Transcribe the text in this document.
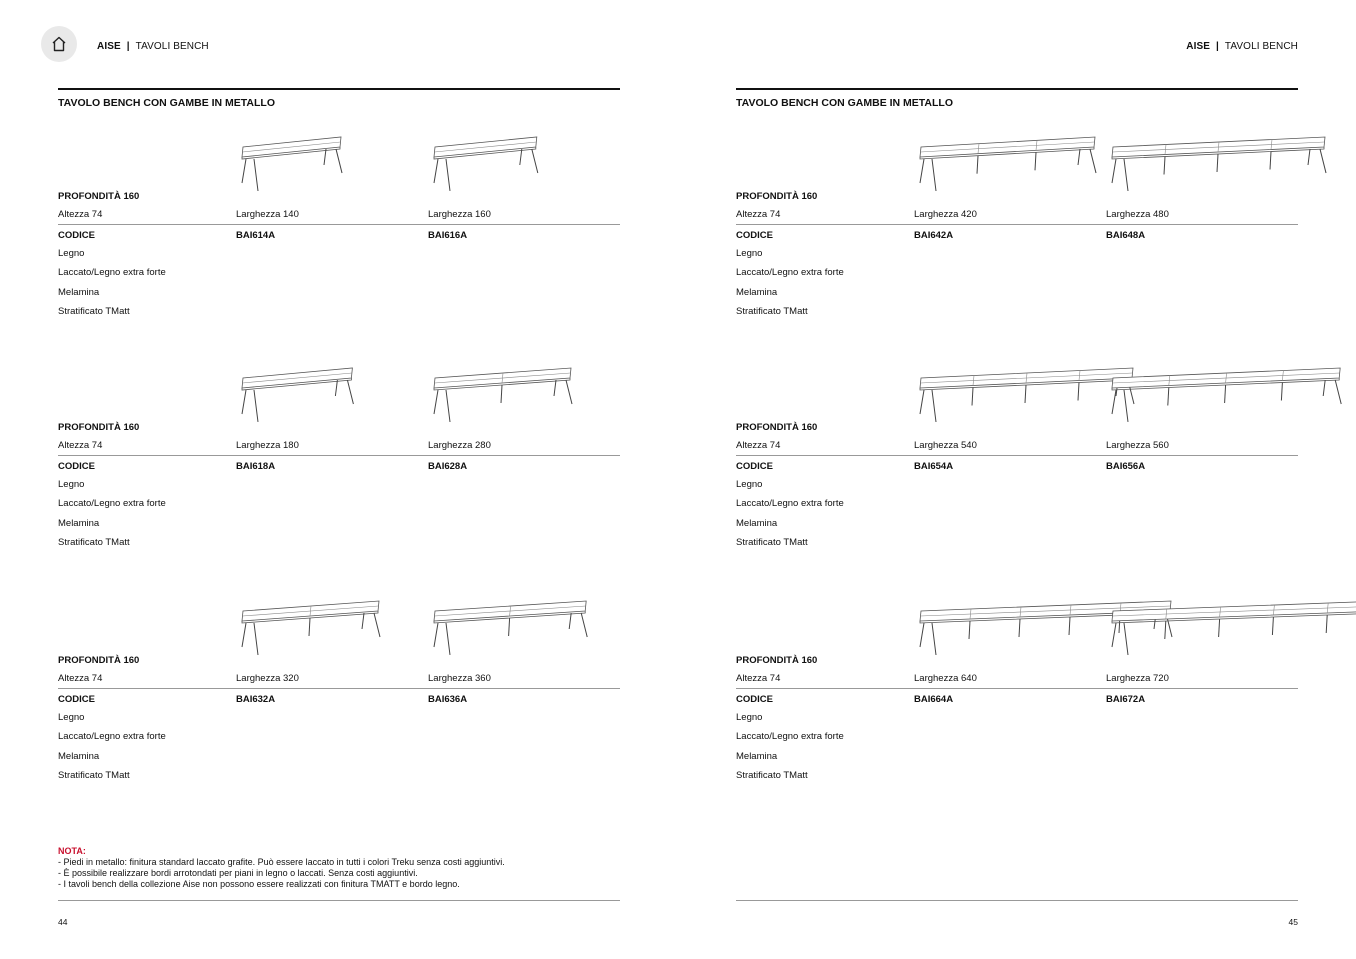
AISE | TAVOLI BENCH	AISE | TAVOLI BENCH
TAVOLO BENCH CON GAMBE IN METALLO
PROFONDITÀ 160
Altezza 74	Larghezza 140	Larghezza 160
CODICE	BAI614A	BAI616A
Legno
Laccato/Legno extra forte
Melamina
Stratificato TMatt
PROFONDITÀ 160
Altezza 74	Larghezza 180	Larghezza 280
CODICE	BAI618A	BAI628A
Legno
Laccato/Legno extra forte
Melamina
Stratificato TMatt
PROFONDITÀ 160
Altezza 74	Larghezza 320	Larghezza 360
CODICE	BAI632A	BAI636A
Legno
Laccato/Legno extra forte
Melamina
Stratificato TMatt
44
TAVOLO BENCH CON GAMBE IN METALLO
PROFONDITÀ 160
Altezza 74	Larghezza 420	Larghezza 480
CODICE	BAI642A	BAI648A
Legno
Laccato/Legno extra forte
Melamina
Stratificato TMatt
PROFONDITÀ 160
Altezza 74	Larghezza 540	Larghezza 560
CODICE	BAI654A	BAI656A
Legno
Laccato/Legno extra forte
Melamina
Stratificato TMatt
PROFONDITÀ 160
Altezza 74	Larghezza 640	Larghezza 720
CODICE	BAI664A	BAI672A
Legno
Laccato/Legno extra forte
Melamina
Stratificato TMatt
45
NOTA:
- Piedi in metallo: finitura standard laccato grafite. Può essere laccato in tutti i colori Treku senza costi aggiuntivi.
- È possibile realizzare bordi arrotondati per piani in legno o laccati. Senza costi aggiuntivi.
- I tavoli bench della collezione Aise non possono essere realizzati con finitura TMATT e bordo legno.
